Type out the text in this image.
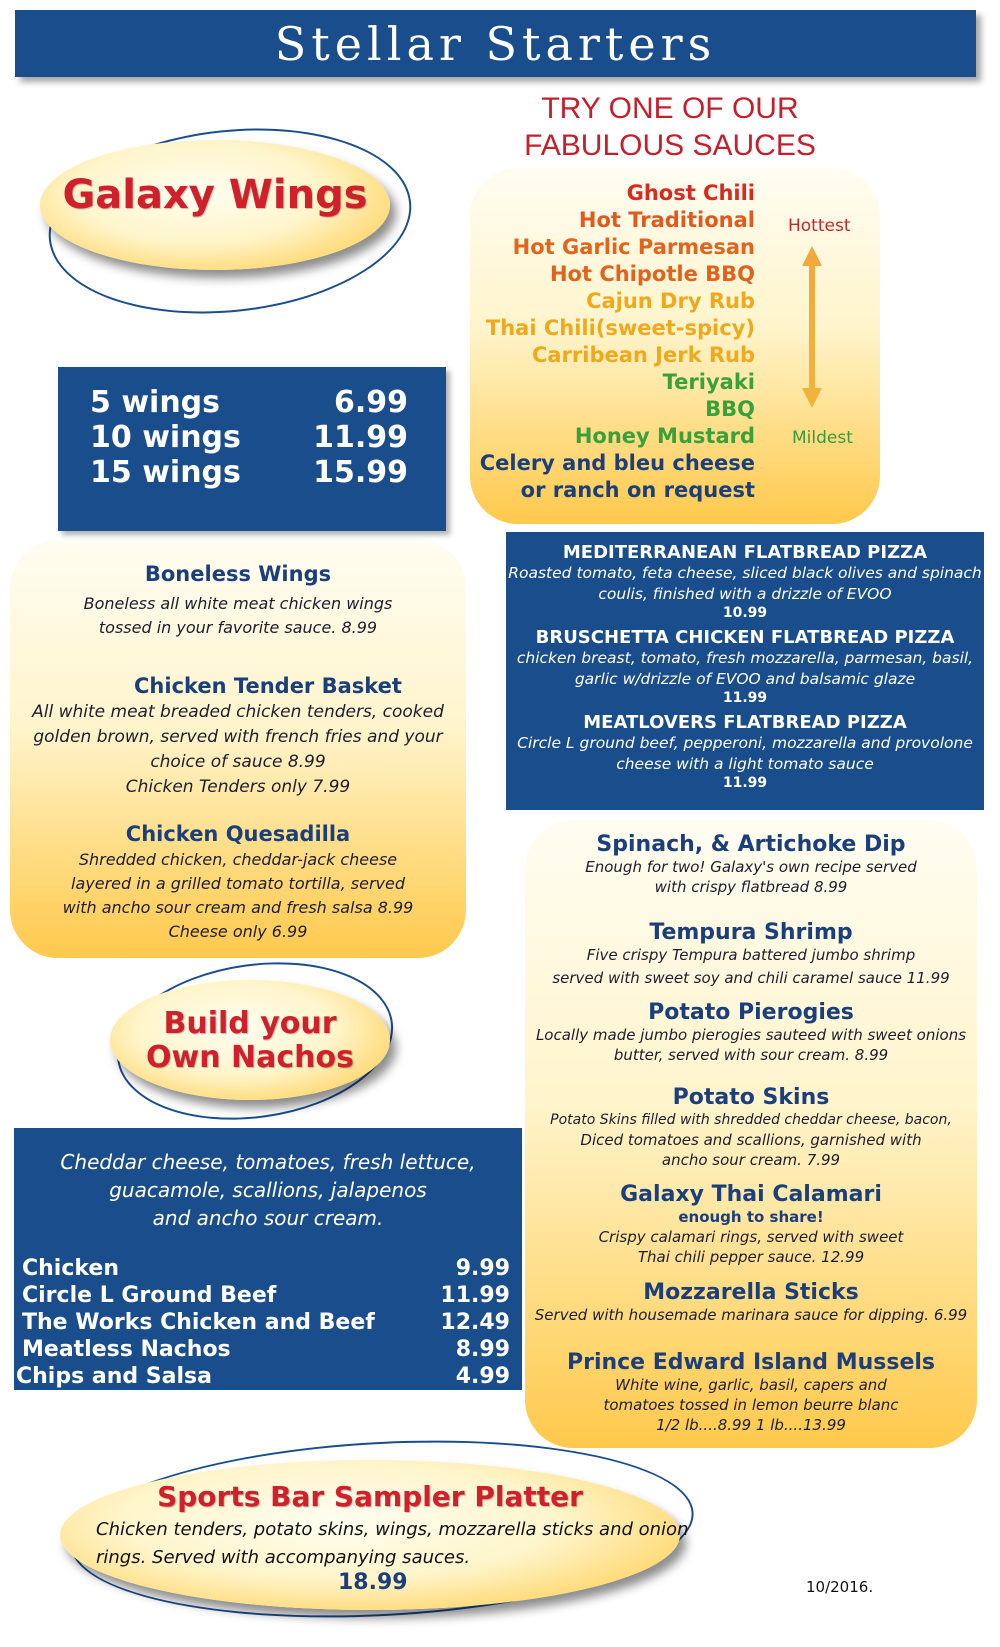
Stellar Starters
Galaxy Wings
5 wings	6.99
10 wings 11.99
15 wings 15.99
TRY ONE OF OUR
FABULOUS SAUCES
Ghost Chili
Hot Traditional
Hot Garlic Parmesan
Hot Chipotle BBQ
Cajun Dry Rub
Thai Chili(sweet-spicy)
Carribean Jerk Rub
Teriyaki
BBQ
Honey Mustard
Celery and bleu cheese
or ranch on request
Hottest
Mildest
Boneless Wings
Boneless all white meat chicken wings
tossed in your favorite sauce. 8.99
Chicken Tender Basket
All white meat breaded chicken tenders, cooked
golden brown, served with french fries and your
choice of sauce 8.99
Chicken Tenders only 7.99
Chicken Quesadilla
Shredded chicken, cheddar-jack cheese
layered in a grilled tomato tortilla, served
with ancho sour cream and fresh salsa 8.99
Cheese only 6.99
MEDITERRANEAN FLATBREAD PIZZA
Roasted tomato, feta cheese, sliced black olives and spinach
coulis, finished with a drizzle of EVOO
10.99
BRUSCHETTA CHICKEN FLATBREAD PIZZA
chicken breast, tomato, fresh mozzarella, parmesan, basil,
garlic w/drizzle of EVOO and balsamic glaze
11.99
MEATLOVERS FLATBREAD PIZZA
Circle L ground beef, pepperoni, mozzarella and provolone
cheese with a light tomato sauce
11.99
Spinach, & Artichoke Dip
Enough for two! Galaxy's own recipe served
with crispy flatbread 8.99
Tempura Shrimp
Five crispy Tempura battered jumbo shrimp
served with sweet soy and chili caramel sauce 11.99
Potato Pierogies
Locally made jumbo pierogies sauteed with sweet onions
butter, served with sour cream. 8.99
Potato Skins
Potato Skins filled with shredded cheddar cheese, bacon,
Diced tomatoes and scallions, garnished with
ancho sour cream. 7.99
Galaxy Thai Calamari
enough to share!
Crispy calamari rings, served with sweet
Thai chili pepper sauce. 12.99
Mozzarella Sticks
Served with housemade marinara sauce for dipping. 6.99
Prince Edward Island Mussels
White wine, garlic, basil, capers and
tomatoes tossed in lemon beurre blanc
1/2 lb....8.99 1 lb....13.99
Build your
Own Nachos
Cheddar cheese, tomatoes, fresh lettuce,
guacamole, scallions, jalapenos
and ancho sour cream.
Chicken	9.99
Circle L Ground Beef	11.99
The Works Chicken and Beef	12.49
Meatless Nachos	8.99
Chips and Salsa	4.99
Sports Bar Sampler Platter
Chicken tenders, potato skins, wings, mozzarella sticks and onion
rings. Served with accompanying sauces.
18.99	10/2016.
